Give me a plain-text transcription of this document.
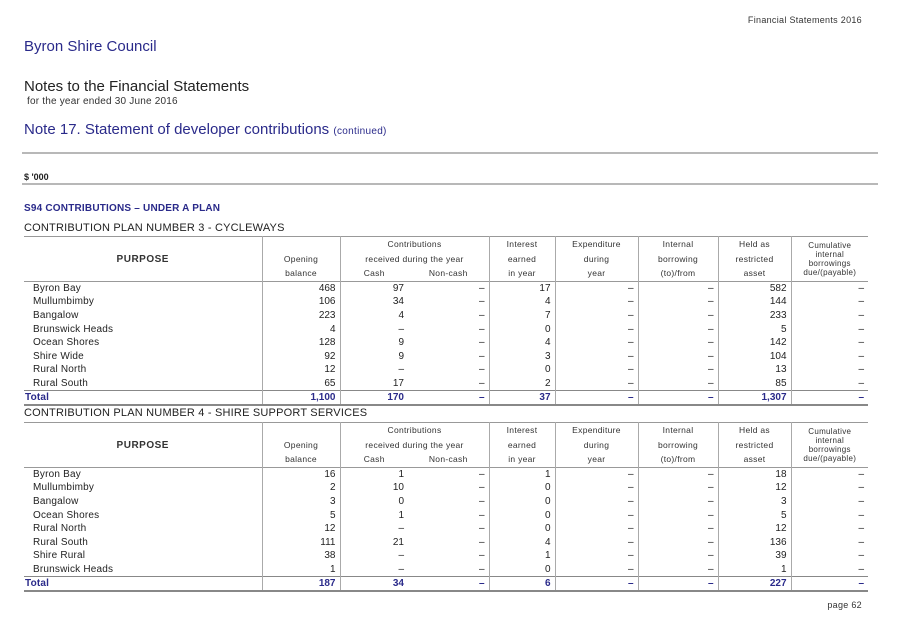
Financial Statements 2016
Byron Shire Council
Notes to the Financial Statements
for the year ended 30 June 2016
Note 17. Statement of developer contributions (continued)
$ '000
S94 CONTRIBUTIONS – UNDER A PLAN
CONTRIBUTION PLAN NUMBER 3 - CYCLEWAYS
PURPOSE		Contributions		Interest	Expenditure	Internal	Held as	Cumulative internal borrowings due/(payable)
	Opening	received during the year		earned	during	borrowing	restricted	
	balance	Cash	Non-cash	in year	year	(to)/from	asset	
Byron Bay	468	97	–	17	–	–	582	–
Mullumbimby	106	34	–	4	–	–	144	–
Bangalow	223	4	–	7	–	–	233	–
Brunswick Heads	4	–	–	0	–	–	5	–
Ocean Shores	128	9	–	4	–	–	142	–
Shire Wide	92	9	–	3	–	–	104	–
Rural North	12	–	–	0	–	–	13	–
Rural South	65	17	–	2	–	–	85	–
Total	1,100	170	–	37	–	–	1,307	–
CONTRIBUTION PLAN NUMBER 4 - SHIRE SUPPORT SERVICES
PURPOSE		Contributions		Interest	Expenditure	Internal	Held as	Cumulative internal borrowings due/(payable)
	Opening	received during the year		earned	during	borrowing	restricted	
	balance	Cash	Non-cash	in year	year	(to)/from	asset	
Byron Bay	16	1	–	1	–	–	18	–
Mullumbimby	2	10	–	0	–	–	12	–
Bangalow	3	0	–	0	–	–	3	–
Ocean Shores	5	1	–	0	–	–	5	–
Rural North	12	–	–	0	–	–	12	–
Rural South	111	21	–	4	–	–	136	–
Shire Rural	38	–	–	1	–	–	39	–
Brunswick Heads	1	–	–	0	–	–	1	–
Total	187	34	–	6	–	–	227	–
page 62
